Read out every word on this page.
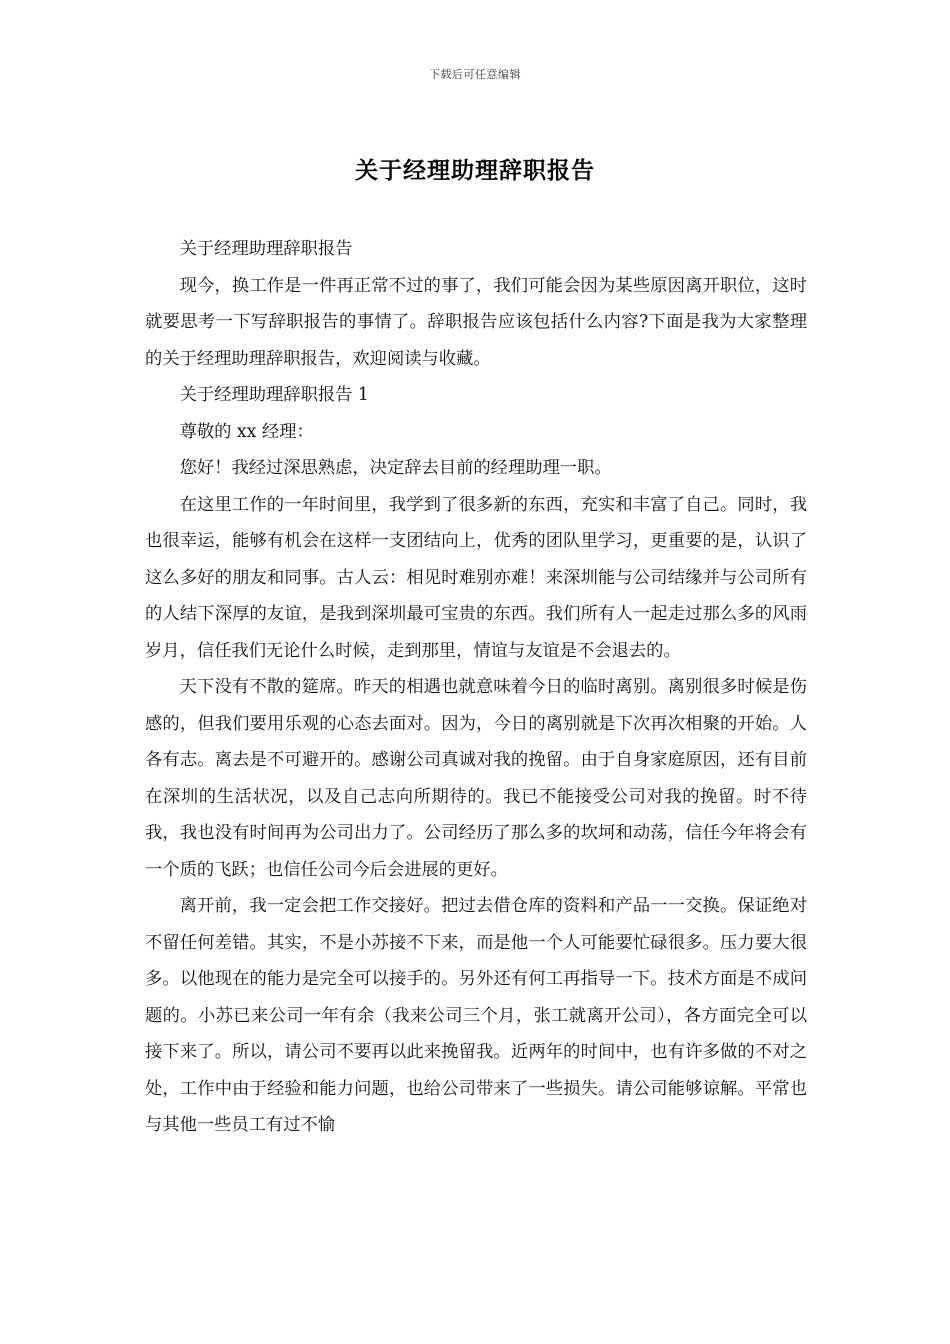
下载后可任意编辑
关于经理助理辞职报告

关于经理助理辞职报告

现今，换工作是一件再正常不过的事了，我们可能会因为某些原因离开职位，这时就要思考一下写辞职报告的事情了。辞职报告应该包括什么内容?下面是我为大家整理的关于经理助理辞职报告，欢迎阅读与收藏。

关于经理助理辞职报告 1

尊敬的 xx 经理：

您好！我经过深思熟虑，决定辞去目前的经理助理一职。

在这里工作的一年时间里，我学到了很多新的东西，充实和丰富了自己。同时，我也很幸运，能够有机会在这样一支团结向上，优秀的团队里学习，更重要的是，认识了这么多好的朋友和同事。古人云：相见时难别亦难！来深圳能与公司结缘并与公司所有的人结下深厚的友谊，是我到深圳最可宝贵的东西。我们所有人一起走过那么多的风雨岁月，信任我们无论什么时候，走到那里，情谊与友谊是不会退去的。

天下没有不散的筵席。昨天的相遇也就意味着今日的临时离别。离别很多时候是伤感的，但我们要用乐观的心态去面对。因为，今日的离别就是下次再次相聚的开始。人各有志。离去是不可避开的。感谢公司真诚对我的挽留。由于自身家庭原因，还有目前在深圳的生活状况，以及自己志向所期待的。我已不能接受公司对我的挽留。时不待我，我也没有时间再为公司出力了。公司经历了那么多的坎坷和动荡，信任今年将会有一个质的飞跃；也信任公司今后会进展的更好。

离开前，我一定会把工作交接好。把过去借仓库的资料和产品一一交换。保证绝对不留任何差错。其实，不是小苏接不下来，而是他一个人可能要忙碌很多。压力要大很多。以他现在的能力是完全可以接手的。另外还有何工再指导一下。技术方面是不成问题的。小苏已来公司一年有余（我来公司三个月，张工就离开公司），各方面完全可以接下来了。所以，请公司不要再以此来挽留我。近两年的时间中，也有许多做的不对之处，工作中由于经验和能力问题，也给公司带来了一些损失。请公司能够谅解。平常也与其他一些员工有过不愉
